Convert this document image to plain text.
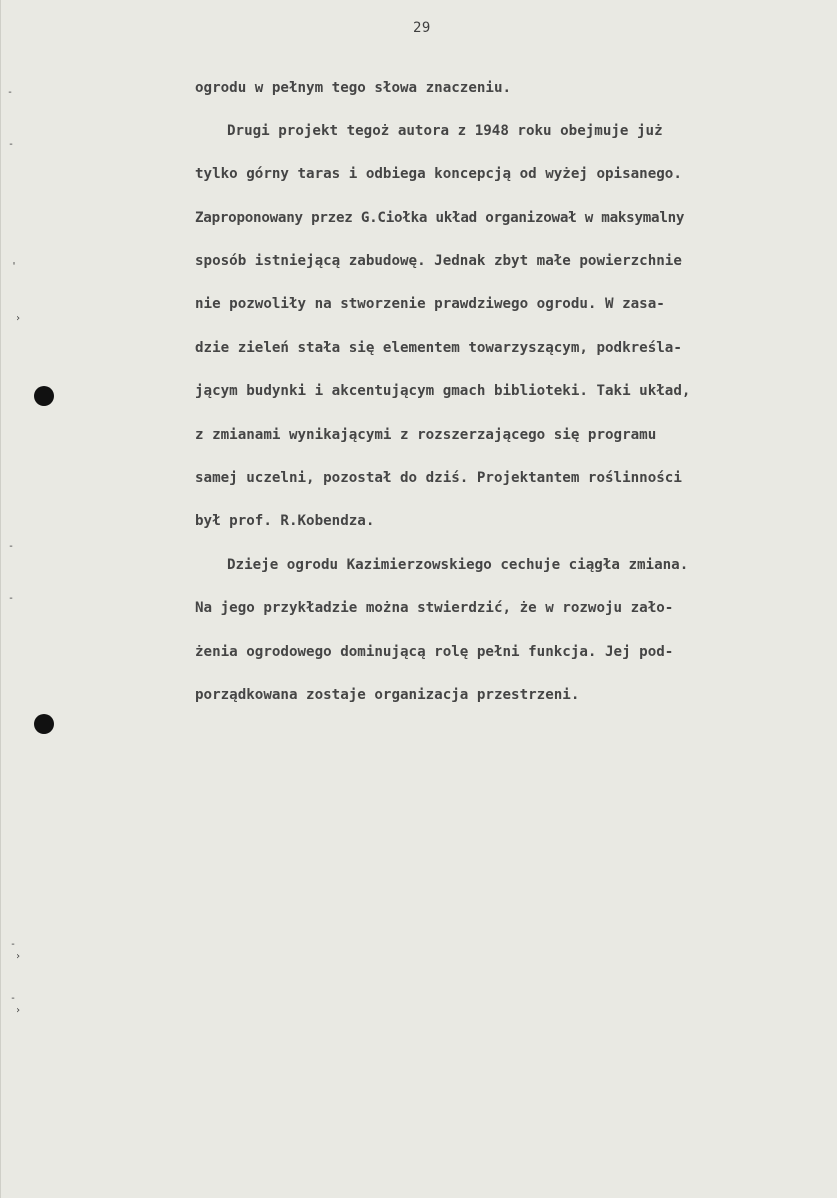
29
ogrodu w pełnym tego słowa znaczeniu.
Drugi projekt tegoż autora z 1948 roku obejmuje już
tylko górny taras i odbiega koncepcją od wyżej opisanego.
Zaproponowany przez G.Ciołka układ organizował w maksymalny
sposób istniejącą zabudowę. Jednak zbyt małe powierzchnie
nie pozwoliły na stworzenie prawdziwego ogrodu. W zasa-
dzie zieleń stała się elementem towarzyszącym, podkreśla-
jącym budynki i akcentującym gmach biblioteki. Taki układ,
z zmianami wynikającymi z rozszerzającego się programu
samej uczelni, pozostał do dziś. Projektantem roślinności
był prof. R.Kobendza.
Dzieje ogrodu Kazimierzowskiego cechuje ciągła zmiana.
Na jego przykładzie można stwierdzić, że w rozwoju zało-
żenia ogrodowego dominującą rolę pełni funkcja. Jej pod-
porządkowana zostaje organizacja przestrzeni.
-
-
'
›
-
-
-
›
-
›
